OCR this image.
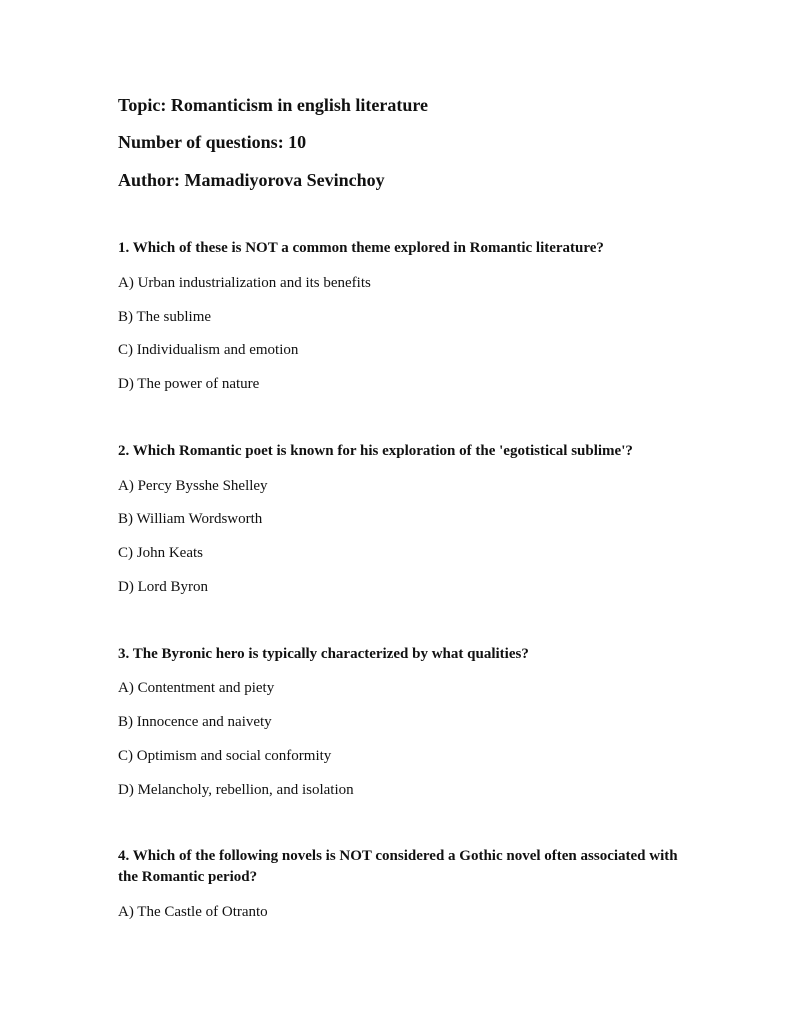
Topic: Romanticism in english literature

Number of questions: 10

Author: Mamadiyorova Sevinchoy

1. Which of these is NOT a common theme explored in Romantic literature?

A) Urban industrialization and its benefits

B) The sublime

C) Individualism and emotion

D) The power of nature

2. Which Romantic poet is known for his exploration of the 'egotistical sublime'?

A) Percy Bysshe Shelley

B) William Wordsworth

C) John Keats

D) Lord Byron

3. The Byronic hero is typically characterized by what qualities?

A) Contentment and piety

B) Innocence and naivety

C) Optimism and social conformity

D) Melancholy, rebellion, and isolation

4. Which of the following novels is NOT considered a Gothic novel often associated with the Romantic period?

A) The Castle of Otranto
